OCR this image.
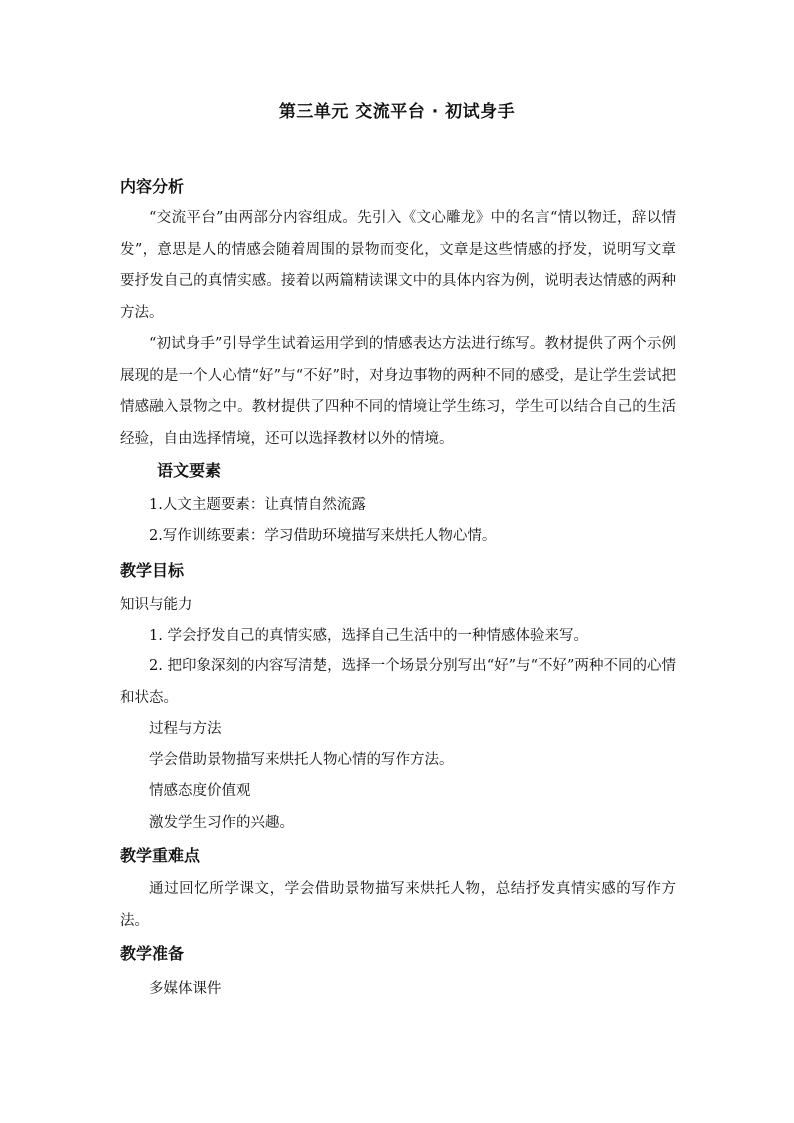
第三单元 交流平台 · 初试身手
内容分析
“交流平台”由两部分内容组成。先引入《文心雕龙》中的名言“情以物迁，辞以情发”，意思是人的情感会随着周围的景物而变化，文章是这些情感的抒发，说明写文章要抒发自己的真情实感。接着以两篇精读课文中的具体内容为例，说明表达情感的两种方法。
“初试身手”引导学生试着运用学到的情感表达方法进行练写。教材提供了两个示例展现的是一个人心情“好”与“不好”时，对身边事物的两种不同的感受，是让学生尝试把情感融入景物之中。教材提供了四种不同的情境让学生练习，学生可以结合自己的生活经验，自由选择情境，还可以选择教材以外的情境。
语文要素
1.人文主题要素：让真情自然流露
2.写作训练要素：学习借助环境描写来烘托人物心情。
教学目标
知识与能力
1. 学会抒发自己的真情实感，选择自己生活中的一种情感体验来写。
2. 把印象深刻的内容写清楚，选择一个场景分别写出“好”与“不好”两种不同的心情和状态。
过程与方法
学会借助景物描写来烘托人物心情的写作方法。
情感态度价值观
激发学生习作的兴趣。
教学重难点
通过回忆所学课文，学会借助景物描写来烘托人物，总结抒发真情实感的写作方法。
教学准备
多媒体课件
